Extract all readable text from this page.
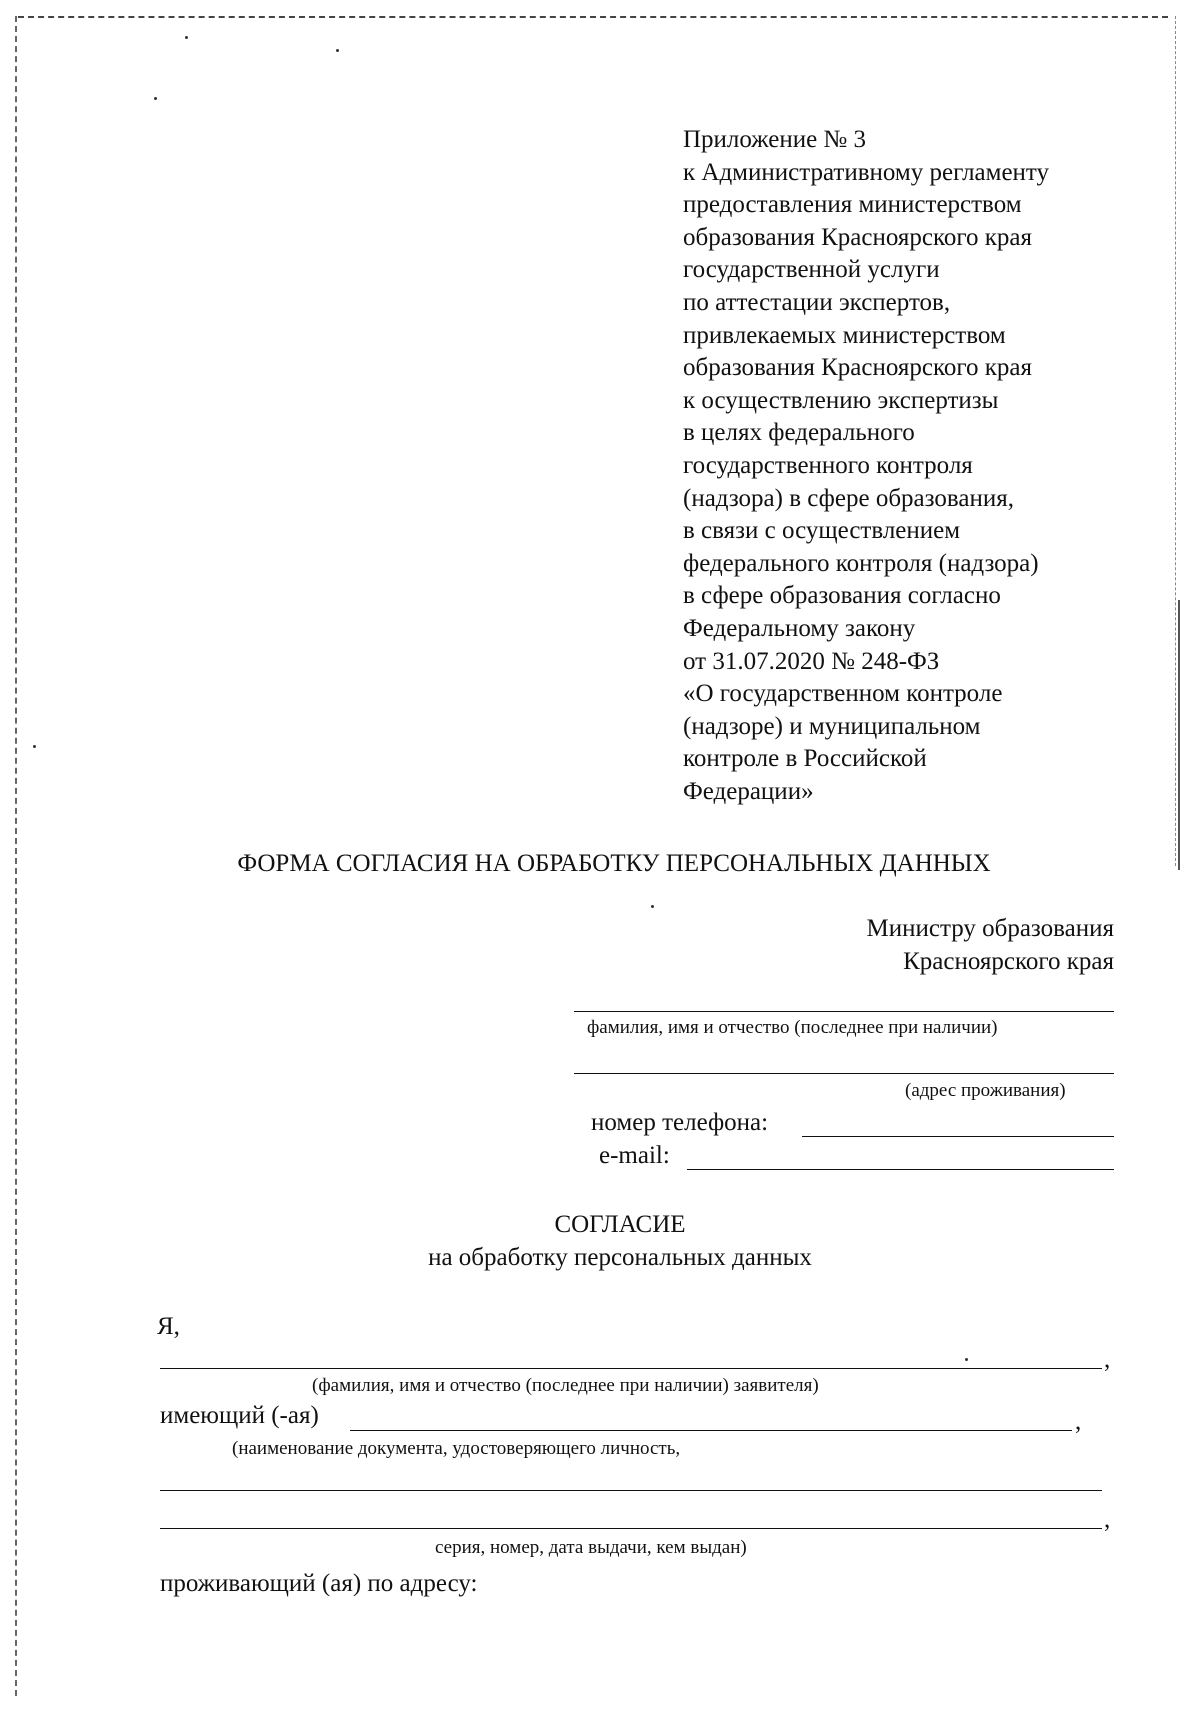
Приложение № 3
к Административному регламенту
предоставления министерством
образования Красноярского края
государственной услуги
по аттестации экспертов,
привлекаемых министерством
образования Красноярского края
к осуществлению экспертизы
в целях федерального
государственного контроля
(надзора) в сфере образования,
в связи с осуществлением
федерального контроля (надзора)
в сфере образования согласно
Федеральному закону
от 31.07.2020 № 248-ФЗ
«О государственном контроле
(надзоре) и муниципальном
контроле в Российской
Федерации»
ФОРМА СОГЛАСИЯ НА ОБРАБОТКУ ПЕРСОНАЛЬНЫХ ДАННЫХ
Министру образования
Красноярского края
фамилия, имя и отчество (последнее при наличии)
(адрес проживания)
номер телефона:
e-mail:
СОГЛАСИЕ
на обработку персональных данных
Я,
,
(фамилия, имя и отчество (последнее при наличии) заявителя)
имеющий (-ая)	,
(наименование документа, удостоверяющего личность,
,
серия, номер, дата выдачи, кем выдан)
проживающий (ая) по адресу:
